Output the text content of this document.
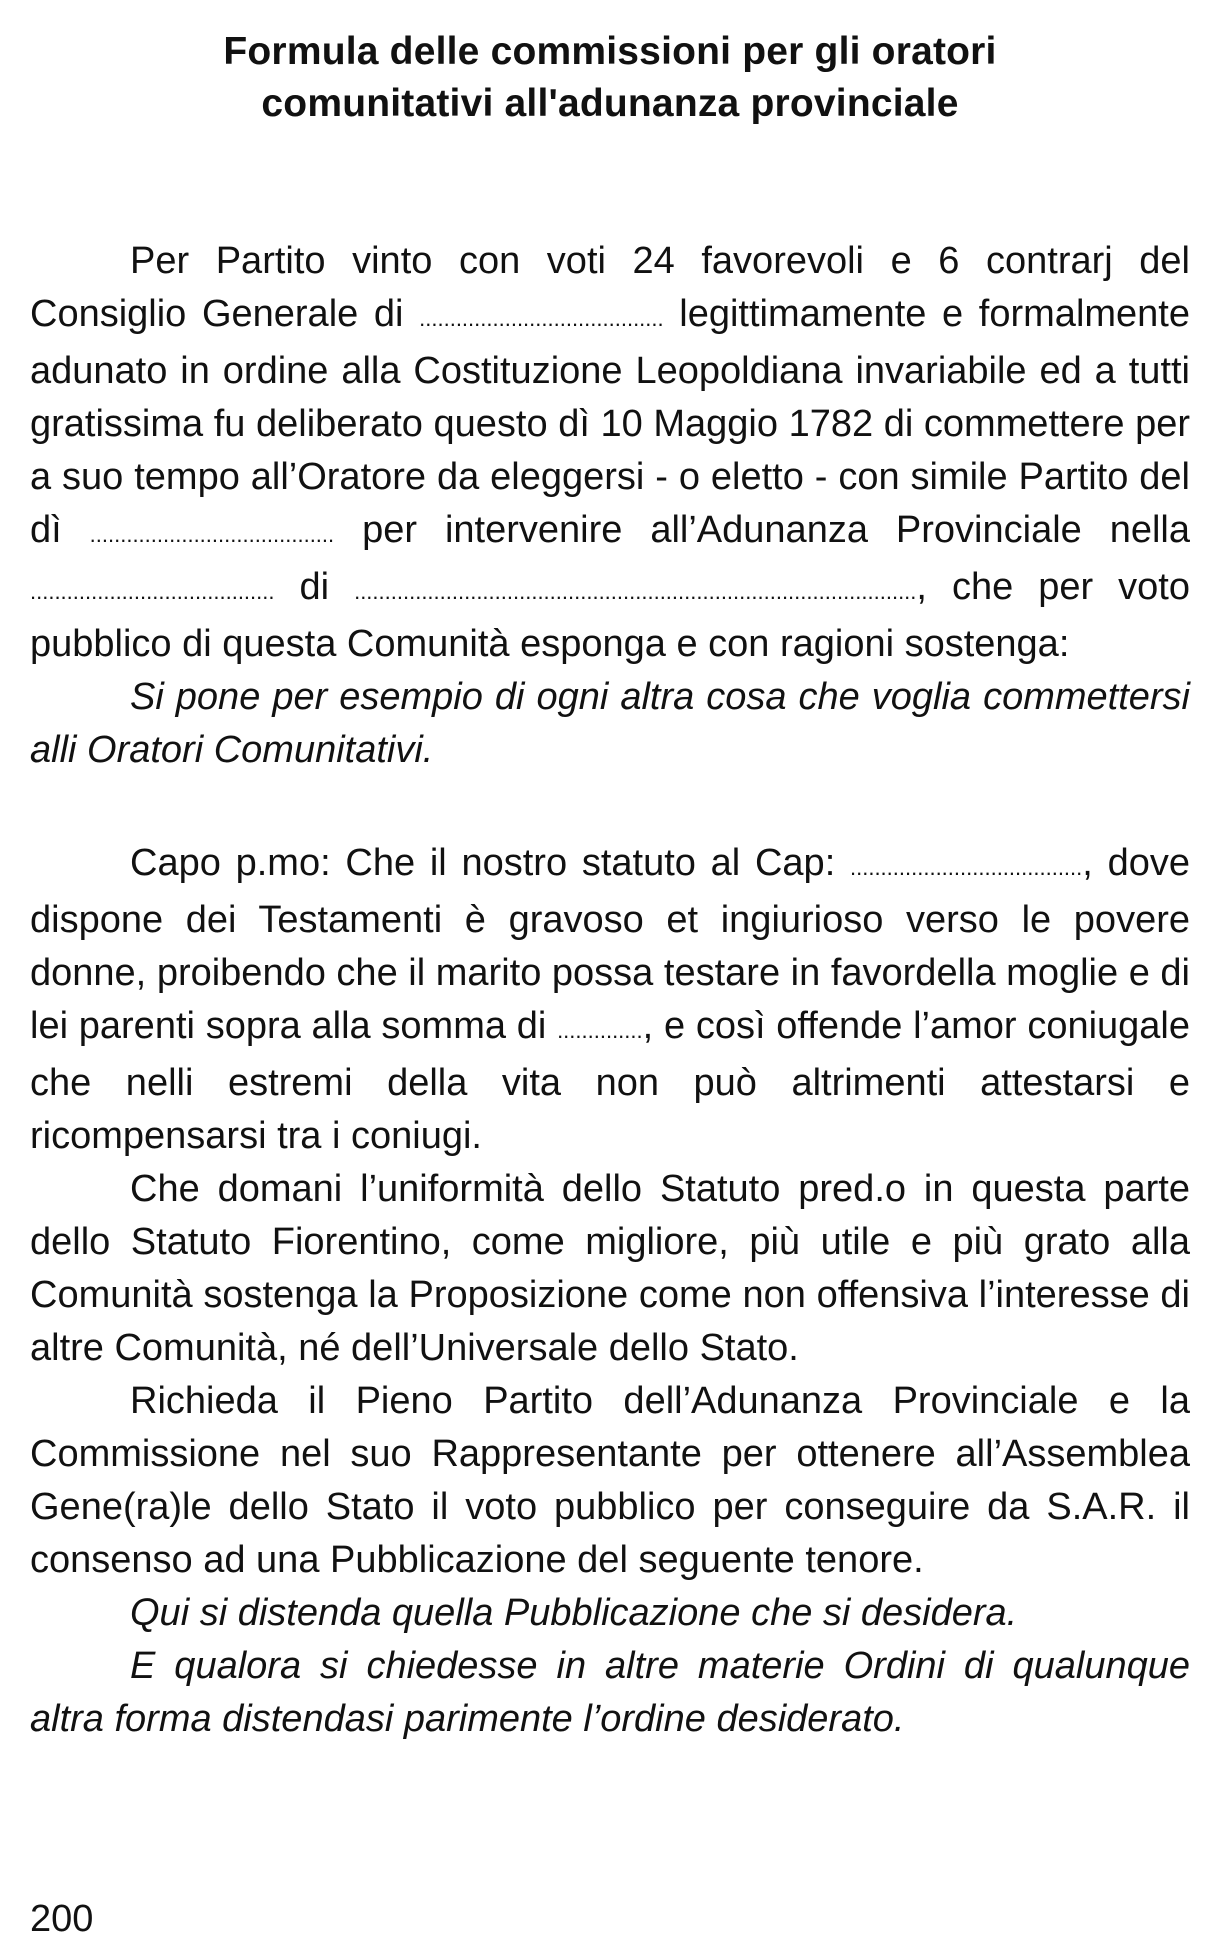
Formula delle commissioni per gli oratori
comunitativi all'adunanza provinciale

Per Partito vinto con voti 24 favorevoli e 6 contrarj del Consiglio Generale di ........................................ legittimamente e formalmente adunato in ordine alla Costituzione Leopoldiana invariabile ed a tutti gratissima fu deliberato questo dì 10 Maggio 1782 di commettere per a suo tempo all’Oratore da eleggersi - o eletto - con simile Partito del dì ........................................ per intervenire all’Adunanza Provinciale nella ........................................ di ............................................................................................, che per voto pubblico di questa Comunità esponga e con ragioni sostenga:

Si pone per esempio di ogni altra cosa che voglia commettersi alli Oratori Comunitativi.

Capo p.mo: Che il nostro statuto al Cap: ......................................, dove dispone dei Testamenti è gravoso et ingiurioso verso le povere donne, proibendo che il marito possa testare in favordella moglie e di lei parenti sopra alla somma di .............., e così offende l’amor coniugale che nelli estremi della vita non può altrimenti attestarsi e ricompensarsi tra i coniugi.

Che domani l’uniformità dello Statuto pred.o in questa parte dello Statuto Fiorentino, come migliore, più utile e più grato alla Comunità sostenga la Proposizione come non offensiva l’interesse di altre Comunità, né dell’Universale dello Stato.

Richieda il Pieno Partito dell’Adunanza Provinciale e la Commissione nel suo Rappresentante per ottenere all’Assemblea Gene(ra)le dello Stato il voto pubblico per conseguire da S.A.R. il consenso ad una Pubblicazione del seguente tenore.

Qui si distenda quella Pubblicazione che si desidera.

E qualora si chiedesse in altre materie Ordini di qualunque altra forma distendasi parimente l’ordine desiderato.

200
